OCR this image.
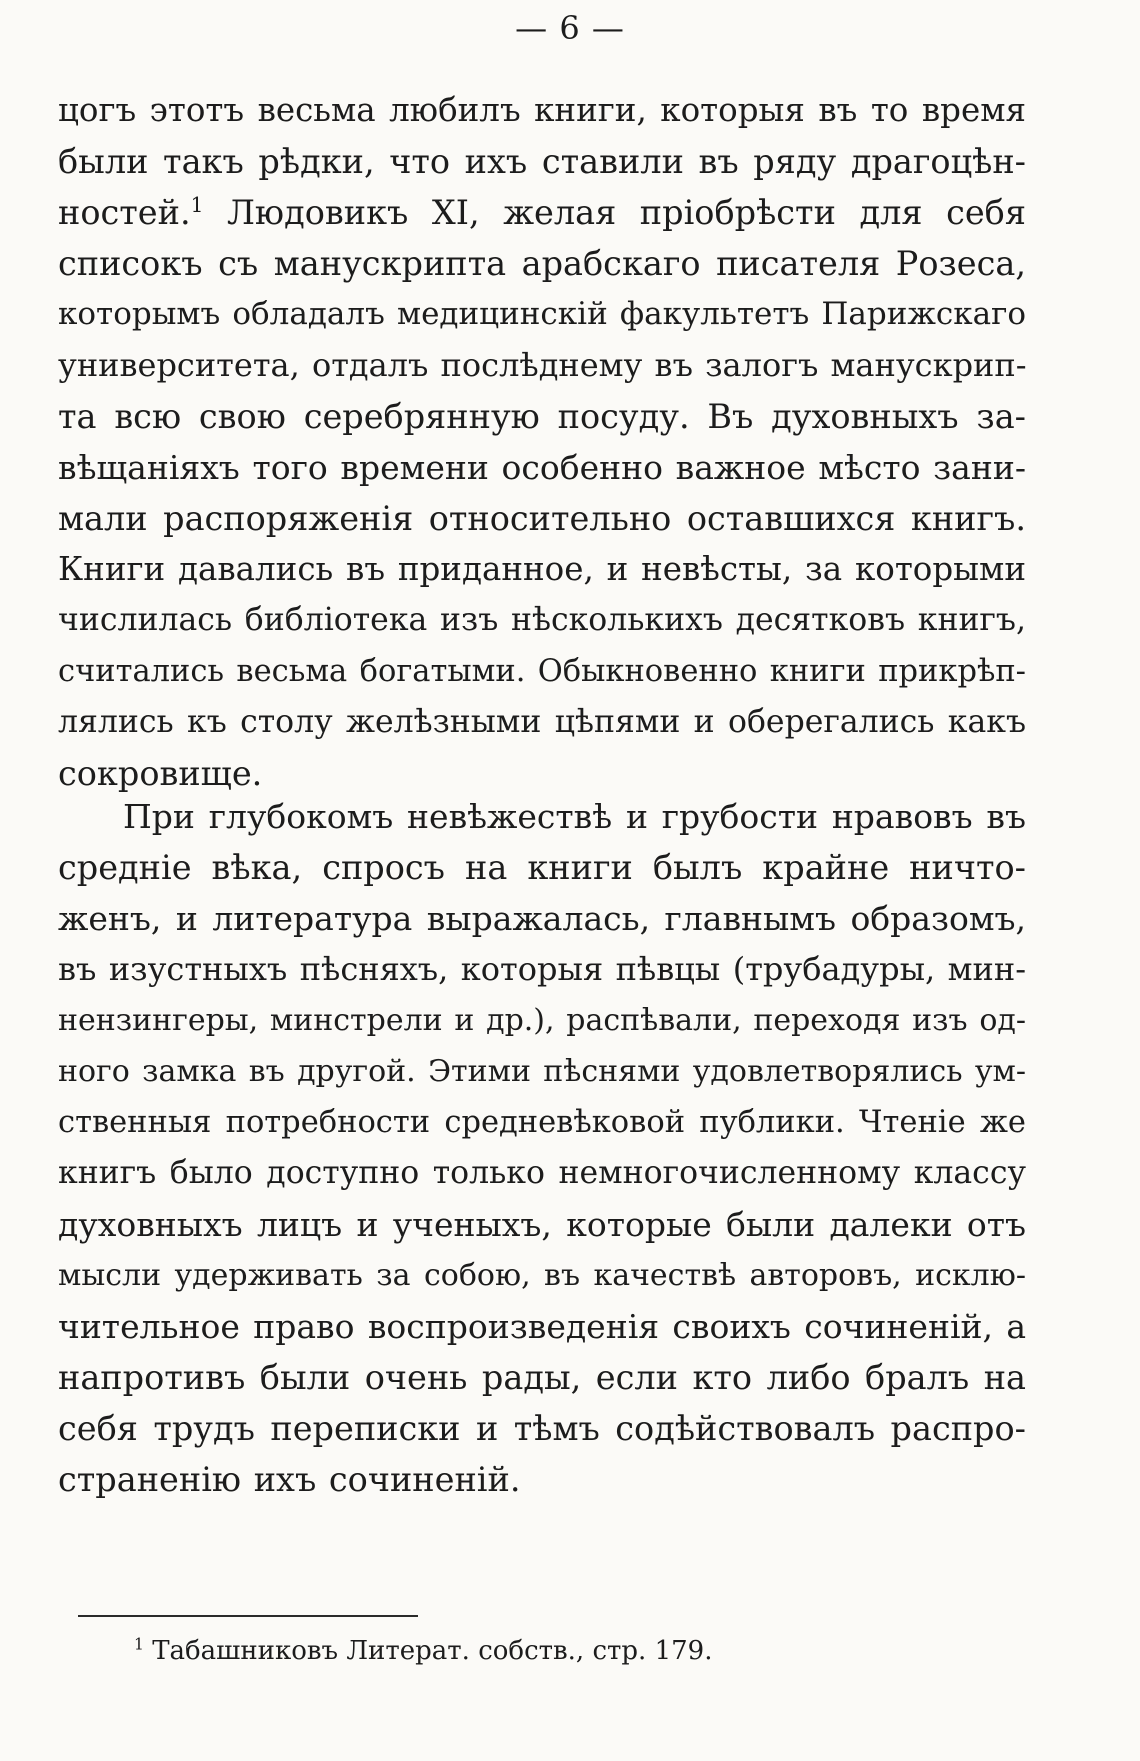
— 6 —
цогъ этотъ весьма любилъ книги, которыя въ то время
были такъ рѣдки, что ихъ ставили въ ряду драгоцѣн-
ностей.$^1$ Людовикъ XI, желая пріобрѣсти для себя
списокъ съ манускрипта арабскаго писателя Розеса,
которымъ обладалъ медицинскій факультетъ Парижскаго
университета, отдалъ послѣднему въ залогъ манускрип-
та всю свою серебрянную посуду. Въ духовныхъ за-
вѣщаніяхъ того времени особенно важное мѣсто зани-
мали распоряженія относительно оставшихся книгъ.
Книги давались въ приданное, и невѣсты, за которыми
числилась библіотека изъ нѣсколькихъ десятковъ книгъ,
считались весьма богатыми. Обыкновенно книги прикрѣп-
лялись къ столу желѣзными цѣпями и оберегались какъ
сокровище.
При глубокомъ невѣжествѣ и грубости нравовъ въ
средніе вѣка, спросъ на книги былъ крайне ничто-
женъ, и литература выражалась, главнымъ образомъ,
въ изустныхъ пѣсняхъ, которыя пѣвцы (трубадуры, мин-
нензингеры, минстрели и др.), распѣвали, переходя изъ од-
ного замка въ другой. Этими пѣснями удовлетворялись ум-
ственныя потребности средневѣковой публики. Чтеніе же
книгъ было доступно только немногочисленному классу
духовныхъ лицъ и ученыхъ, которые были далеки отъ
мысли удерживать за собою, въ качествѣ авторовъ, исклю-
чительное право воспроизведенія своихъ сочиненій, а
напротивъ были очень рады, если кто либо бралъ на
себя трудъ переписки и тѣмъ содѣйствовалъ распро-
страненію ихъ сочиненій.
$^1$ Табашниковъ Литерат. собств., стр. 179.
